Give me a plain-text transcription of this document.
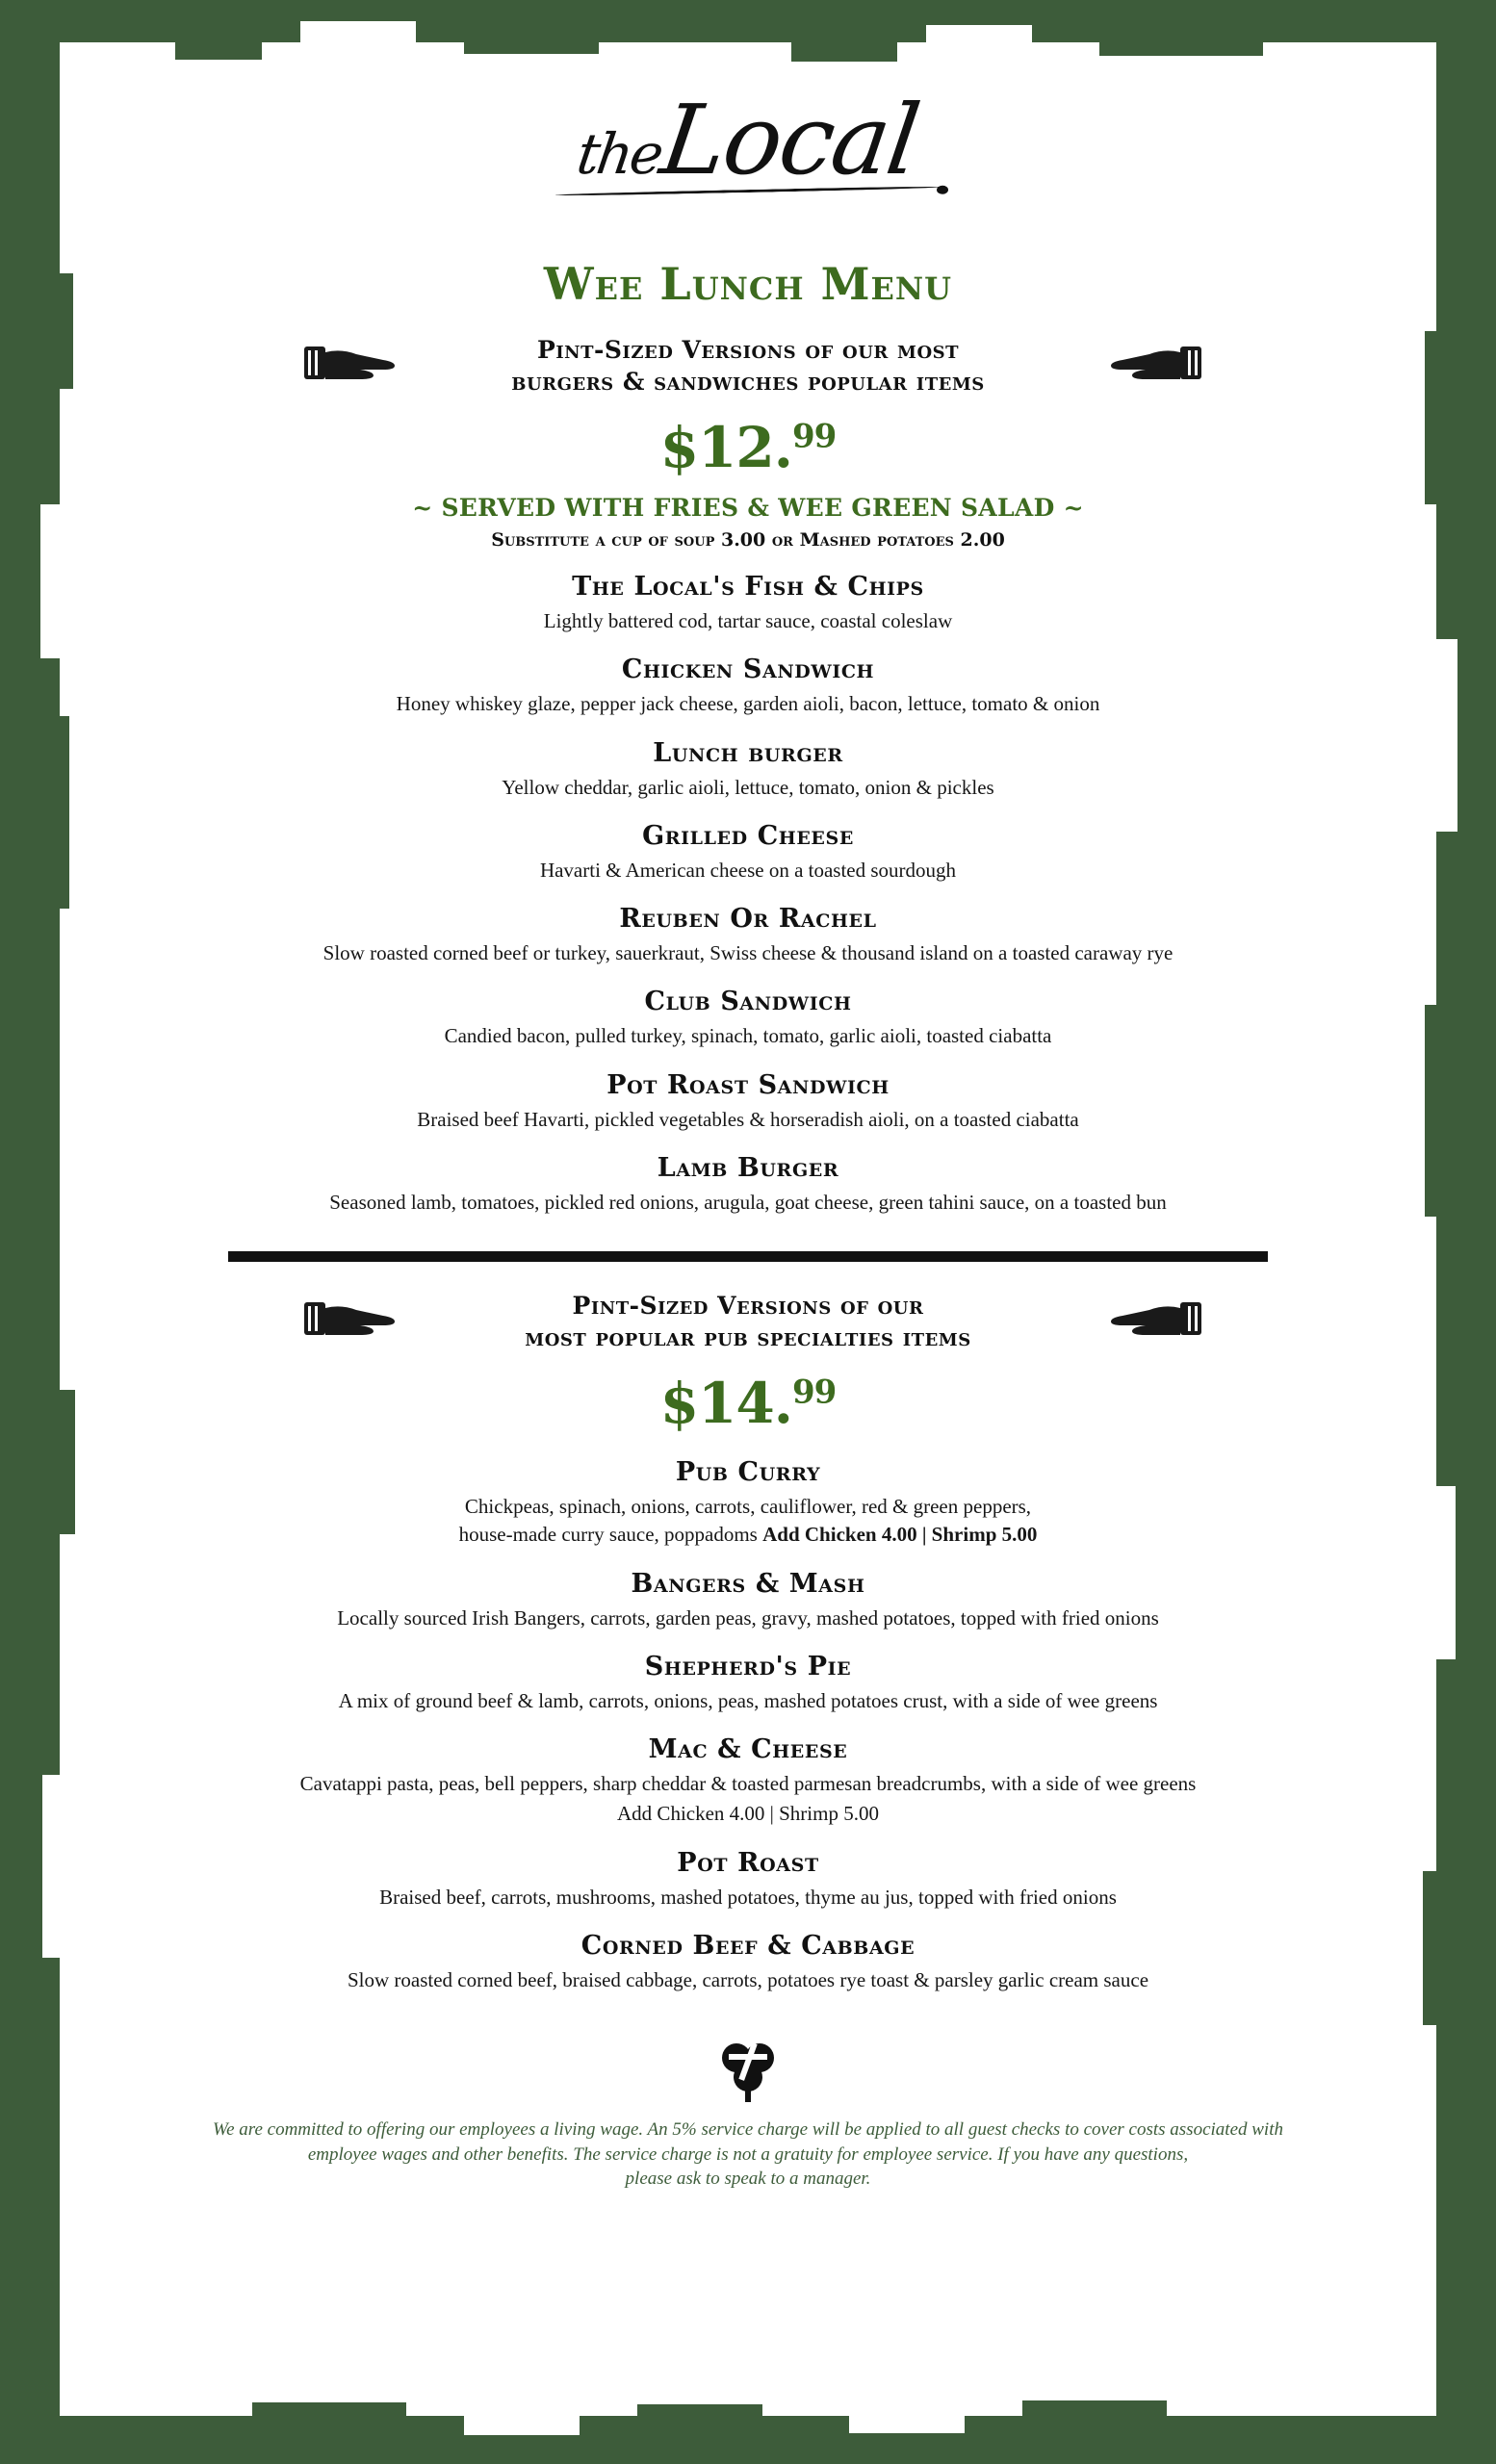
theLocal
Wee Lunch Menu
Pint-Sized Versions of our most
burgers & sandwiches popular items
$12.99
~ SERVED WITH FRIES & WEE GREEN SALAD ~
Substitute a cup of soup 3.00 or Mashed potatoes 2.00
The Local's Fish & Chips
Lightly battered cod, tartar sauce, coastal coleslaw
Chicken Sandwich
Honey whiskey glaze, pepper jack cheese, garden aioli, bacon, lettuce, tomato & onion
Lunch burger
Yellow cheddar, garlic aioli, lettuce, tomato, onion & pickles
Grilled Cheese
Havarti & American cheese on a toasted sourdough
Reuben Or Rachel
Slow roasted corned beef or turkey, sauerkraut, Swiss cheese & thousand island on a toasted caraway rye
Club Sandwich
Candied bacon, pulled turkey, spinach, tomato, garlic aioli, toasted ciabatta
Pot Roast Sandwich
Braised beef Havarti, pickled vegetables & horseradish aioli, on a toasted ciabatta
Lamb Burger
Seasoned lamb, tomatoes, pickled red onions, arugula, goat cheese, green tahini sauce, on a toasted bun
Pint-Sized Versions of our
most popular pub specialties items
$14.99
Pub Curry
Chickpeas, spinach, onions, carrots, cauliflower, red & green peppers,
house-made curry sauce, poppadoms Add Chicken 4.00 | Shrimp 5.00
Bangers & Mash
Locally sourced Irish Bangers, carrots, garden peas, gravy, mashed potatoes, topped with fried onions
Shepherd's Pie
A mix of ground beef & lamb, carrots, onions, peas, mashed potatoes crust, with a side of wee greens
Mac & Cheese
Cavatappi pasta, peas, bell peppers, sharp cheddar & toasted parmesan breadcrumbs, with a side of wee greens
Add Chicken 4.00 | Shrimp 5.00
Pot Roast
Braised beef, carrots, mushrooms, mashed potatoes, thyme au jus, topped with fried onions
Corned Beef & Cabbage
Slow roasted corned beef, braised cabbage, carrots, potatoes rye toast & parsley garlic cream sauce
We are committed to offering our employees a living wage. An 5% service charge will be applied to all guest checks to cover costs associated with
employee wages and other benefits. The service charge is not a gratuity for employee service. If you have any questions,
please ask to speak to a manager.
